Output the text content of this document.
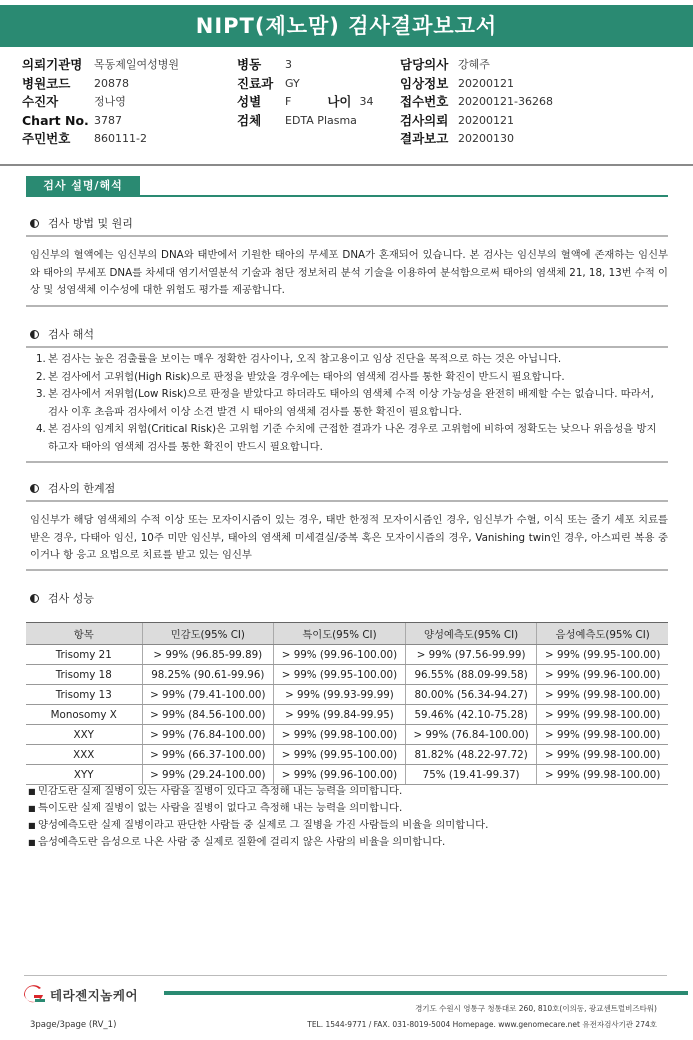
NIPT(제노맘) 검사결과보고서
의뢰기관명	목동제일여성병원
병원코드	20878
수진자	정나영
Chart No. 3787
주민번호	860111-2
병동	3
진료과	GY
성별	F	나이 34
검체	EDTA Plasma
담당의사 강혜주
임상정보 20200121
접수번호 20200121-36268
검사의뢰 20200121
결과보고 20200130
검사 설명/해석
검사 방법 및 원리
임신부의 혈액에는 임신부의 DNA와 태반에서 기원한 태아의 무세포 DNA가 혼재되어 있습니다. 본 검사는 임신부의 혈액에 존재하는 임신부와 태아의 무세포 DNA를 차세대 염기서열분석 기술과 첨단 정보처리 분석 기술을 이용하여 분석함으로써 태아의 염색체 21, 18, 13번 수적 이상 및 성염색체 이수성에 대한 위험도 평가를 제공합니다.
검사 해석
1. 본 검사는 높은 검출률을 보이는 매우 정확한 검사이나, 오직 참고용이고 임상 진단을 목적으로 하는 것은 아닙니다.
2. 본 검사에서 고위험(High Risk)으로 판정을 받았을 경우에는 태아의 염색체 검사를 통한 확진이 반드시 필요합니다.
3. 본 검사에서 저위험(Low Risk)으로 판정을 받았다고 하더라도 태아의 염색체 수적 이상 가능성을 완전히 배제할 수는 없습니다. 따라서, 검사 이후 초음파 검사에서 이상 소견 발견 시 태아의 염색체 검사를 통한 확진이 필요합니다.
4. 본 검사의 임계치 위험(Critical Risk)은 고위험 기준 수치에 근접한 결과가 나온 경우로 고위험에 비하여 정확도는 낮으나 위음성을 방지하고자 태아의 염색체 검사를 통한 확진이 반드시 필요합니다.
검사의 한계점
임신부가 해당 염색체의 수적 이상 또는 모자이시즘이 있는 경우, 태반 한정적 모자이시즘인 경우, 임신부가 수혈, 이식 또는 줄기 세포 치료를 받은 경우, 다태아 임신, 10주 미만 임신부, 태아의 염색체 미세결실/중복 혹은 모자이시즘의 경우, Vanishing twin인 경우, 아스피린 복용 중이거나 항 응고 요법으로 치료를 받고 있는 임신부
검사 성능
항목	민감도(95% CI)	특이도(95% CI)	양성예측도(95% CI)	음성예측도(95% CI)
Trisomy 21	> 99% (96.85-99.89)	> 99% (99.96-100.00)	> 99% (97.56-99.99)	> 99% (99.95-100.00)
Trisomy 18	98.25% (90.61-99.96)	> 99% (99.95-100.00)	96.55% (88.09-99.58)	> 99% (99.96-100.00)
Trisomy 13	> 99% (79.41-100.00)	> 99% (99.93-99.99)	80.00% (56.34-94.27)	> 99% (99.98-100.00)
Monosomy X	> 99% (84.56-100.00)	> 99% (99.84-99.95)	59.46% (42.10-75.28)	> 99% (99.98-100.00)
XXY	> 99% (76.84-100.00)	> 99% (99.98-100.00)	> 99% (76.84-100.00)	> 99% (99.98-100.00)
XXX	> 99% (66.37-100.00)	> 99% (99.95-100.00)	81.82% (48.22-97.72)	> 99% (99.98-100.00)
XYY	> 99% (29.24-100.00)	> 99% (99.96-100.00)	75% (19.41-99.37)	> 99% (99.98-100.00)
■ 민감도란 실제 질병이 있는 사람을 질병이 있다고 측정해 내는 능력을 의미합니다.
■ 특이도란 실제 질병이 없는 사람을 질병이 없다고 측정해 내는 능력을 의미합니다.
■ 양성예측도란 실제 질병이라고 판단한 사람들 중 실제로 그 질병을 가진 사람들의 비율을 의미합니다.
■ 음성예측도란 음성으로 나온 사람 중 실제로 질환에 걸리지 않은 사람의 비율을 의미합니다.
테라젠지놈케어
경기도 수원시 영통구 청통대로 260, 810호(이의동, 광교센트럴비즈타워)
TEL. 1544-9771 / FAX. 031-8019-5004 Homepage. www.genomecare.net 유전자검사기관 274호
3page/3page (RV_1)
